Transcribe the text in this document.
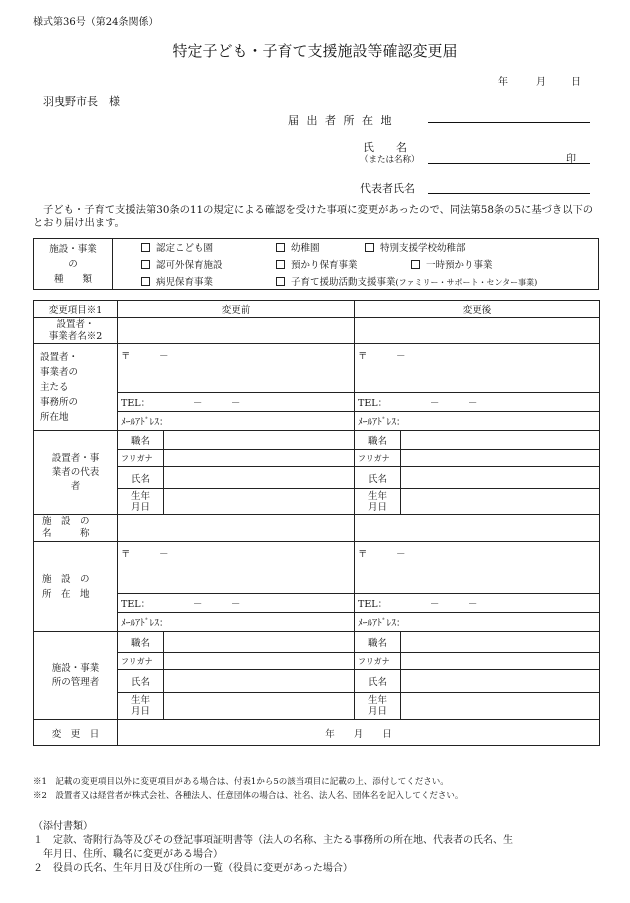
様式第36号（第24条関係）
特定子ども・子育て支援施設等確認変更届
年	月	日
羽曳野市長　様
届 出 者 所 在 地
氏　　名
（または名称）	印
代表者氏名
子ども・子育て支援法第30条の11の規定による確認を受けた事項に変更があったので、同法第58条の5に基づき以下のとおり届け出ます。
施設・事業
の
種　　類

認定こども園	幼稚園	特別支援学校幼稚部
認可外保育施設	預かり保育事業	一時預かり事業
病児保育事業	子育て援助活動支援事業(ファミリー・サポート・センター事業)
変更項目※1	変更前		変更後	
設置者・
事業者名※2				
設置者・
事業者の
主たる
事務所の
所在地	〒　　　－		〒　　　－	
	TEL：　　　　　－　　　－		TEL：　　　　　－　　　－	
	ﾒｰﾙｱﾄﾞﾚｽ：		ﾒｰﾙｱﾄﾞﾚｽ：	
設置者・事
業者の代表
者	職名		職名	
	フリガナ		フリガナ	
	氏名		氏名	
	生年
月日		生年
月日	
施　設　の
名　　　称				
施　設　の
所　在　地	〒　　　－		〒　　　－	
	TEL：　　　　　－　　　－		TEL：　　　　　－　　　－	
	ﾒｰﾙｱﾄﾞﾚｽ：		ﾒｰﾙｱﾄﾞﾚｽ：	
施設・事業
所の管理者	職名		職名	
	フリガナ		フリガナ	
	氏名		氏名	
	生年
月日		生年
月日	
変　更　日	年　　月　　日			
※1　記載の変更項目以外に変更項目がある場合は、付表1から5の該当項目に記載の上、添付してください。
※2　設置者又は経営者が株式会社、各種法人、任意団体の場合は、社名、法人名、団体名を記入してください。
（添付書類）
１　定款、寄附行為等及びその登記事項証明書等（法人の名称、主たる事務所の所在地、代表者の氏名、生
　年月日、住所、職名に変更がある場合）
２　役員の氏名、生年月日及び住所の一覧（役員に変更があった場合）
